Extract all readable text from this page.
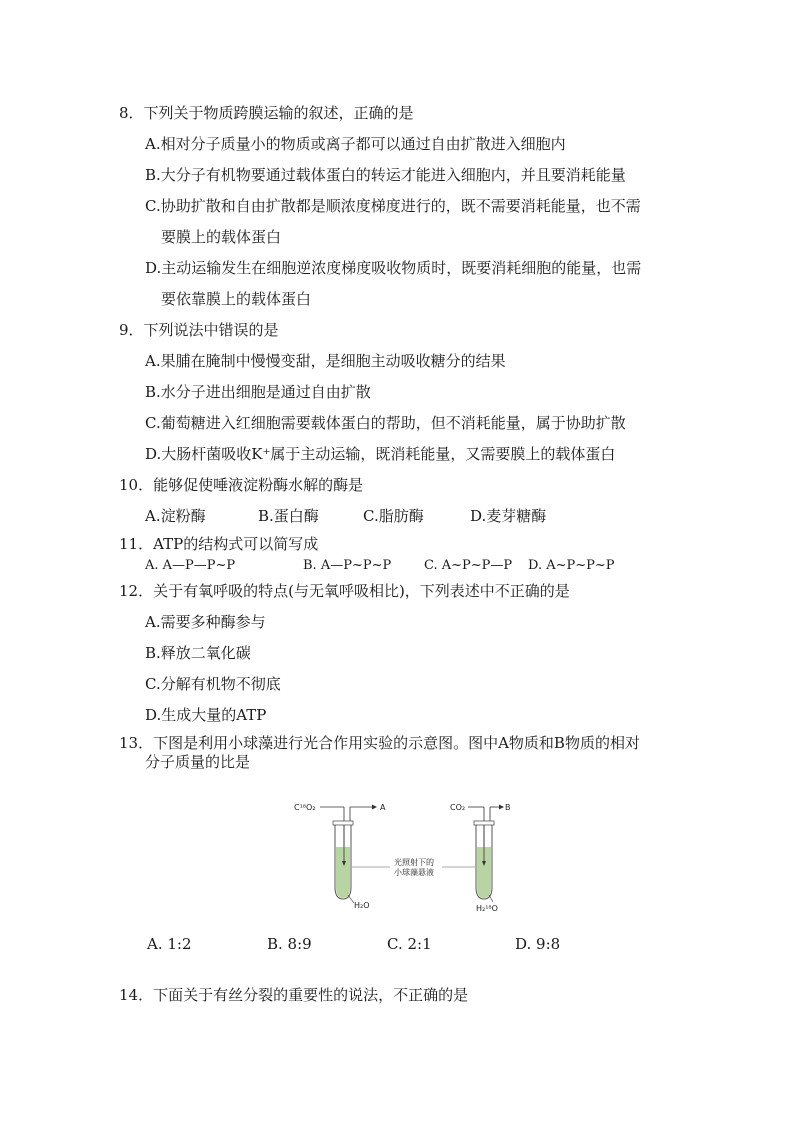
8．下列关于物质跨膜运输的叙述，正确的是
A.相对分子质量小的物质或离子都可以通过自由扩散进入细胞内
B.大分子有机物要通过载体蛋白的转运才能进入细胞内，并且要消耗能量
C.协助扩散和自由扩散都是顺浓度梯度进行的，既不需要消耗能量，也不需
要膜上的载体蛋白
D.主动运输发生在细胞逆浓度梯度吸收物质时，既要消耗细胞的能量，也需
要依靠膜上的载体蛋白
9．下列说法中错误的是
A.果脯在腌制中慢慢变甜，是细胞主动吸收糖分的结果
B.水分子进出细胞是通过自由扩散
C.葡萄糖进入红细胞需要载体蛋白的帮助，但不消耗能量，属于协助扩散
D.大肠杆菌吸收K⁺属于主动运输，既消耗能量，又需要膜上的载体蛋白
10．能够促使唾液淀粉酶水解的酶是
A.淀粉酶	B.蛋白酶	C.脂肪酶	D.麦芽糖酶
11．ATP的结构式可以简写成
A. A—P—P~P	B. A—P~P~P	C. A~P~P—P D. A~P~P~P
12．关于有氧呼吸的特点(与无氧呼吸相比)，下列表述中不正确的是
A.需要多种酶参与
B.释放二氧化碳
C.分解有机物不彻底
D.生成大量的ATP
13．下图是利用小球藻进行光合作用实验的示意图。图中A物质和B物质的相对
分子质量的比是
C¹⁸O₂	A
H₂O
光照射下的
小球藻悬液
CO₂	B
H₂¹⁸O
A. 1:2	B. 8:9	C. 2:1	D. 9:8
14．下面关于有丝分裂的重要性的说法，不正确的是
